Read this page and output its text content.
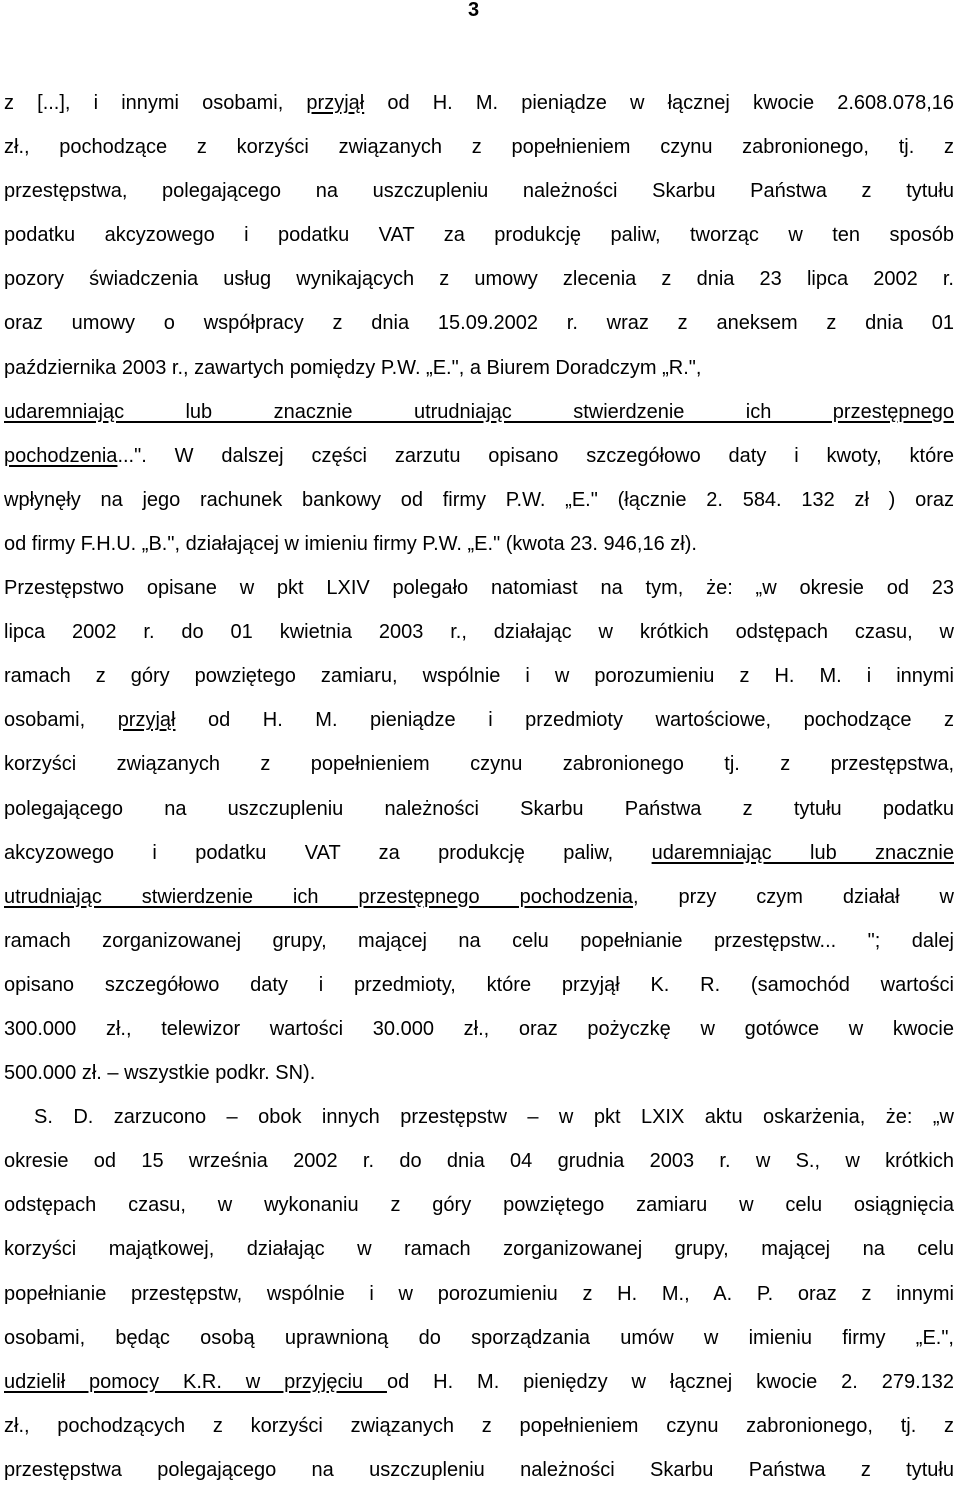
3
z [...], i innymi osobami, przyjął od H. M. pieniądze w łącznej kwocie 2.608.078,16
zł., pochodzące z korzyści związanych z popełnieniem czynu zabronionego, tj. z
przestępstwa, polegającego na uszczupleniu należności Skarbu Państwa z tytułu
podatku akcyzowego i podatku VAT za produkcję paliw, tworząc w ten sposób
pozory świadczenia usług wynikających z umowy zlecenia z dnia 23 lipca 2002 r.
oraz umowy o współpracy z dnia 15.09.2002 r. wraz z aneksem z dnia 01
października 2003 r., zawartych pomiędzy P.W. „E.", a Biurem Doradczym „R.",
udaremniając lub znacznie utrudniając stwierdzenie ich przestępnego
pochodzenia...". W dalszej części zarzutu opisano szczegółowo daty i kwoty, które
wpłynęły na jego rachunek bankowy od firmy P.W. „E." (łącznie 2. 584. 132 zł ) oraz
od firmy F.H.U. „B.", działającej w imieniu firmy P.W. „E." (kwota 23. 946,16 zł).
Przestępstwo opisane w pkt LXIV polegało natomiast na tym, że: „w okresie od 23
lipca 2002 r. do 01 kwietnia 2003 r., działając w krótkich odstępach czasu, w
ramach z góry powziętego zamiaru, wspólnie i w porozumieniu z H. M. i innymi
osobami, przyjął od H. M. pieniądze i przedmioty wartościowe, pochodzące z
korzyści związanych z popełnieniem czynu zabronionego tj. z przestępstwa,
polegającego na uszczupleniu należności Skarbu Państwa z tytułu podatku
akcyzowego i podatku VAT za produkcję paliw, udaremniając lub znacznie
utrudniając stwierdzenie ich przestępnego pochodzenia, przy czym działał w
ramach zorganizowanej grupy, mającej na celu popełnianie przestępstw... "; dalej
opisano szczegółowo daty i przedmioty, które przyjął K. R. (samochód wartości
300.000 zł., telewizor wartości 30.000 zł., oraz pożyczkę w gotówce w kwocie
500.000 zł. – wszystkie podkr. SN).
S. D. zarzucono – obok innych przestępstw – w pkt LXIX aktu oskarżenia, że: „w
okresie od 15 września 2002 r. do dnia 04 grudnia 2003 r. w S., w krótkich
odstępach czasu, w wykonaniu z góry powziętego zamiaru w celu osiągnięcia
korzyści majątkowej, działając w ramach zorganizowanej grupy, mającej na celu
popełnianie przestępstw, wspólnie i w porozumieniu z H. M., A. P. oraz z innymi
osobami, będąc osobą uprawnioną do sporządzania umów w imieniu firmy „E.",
udzielił pomocy K.R. w przyjęciu od H. M. pieniędzy w łącznej kwocie 2. 279.132
zł., pochodzących z korzyści związanych z popełnieniem czynu zabronionego, tj. z
przestępstwa polegającego na uszczupleniu należności Skarbu Państwa z tytułu
